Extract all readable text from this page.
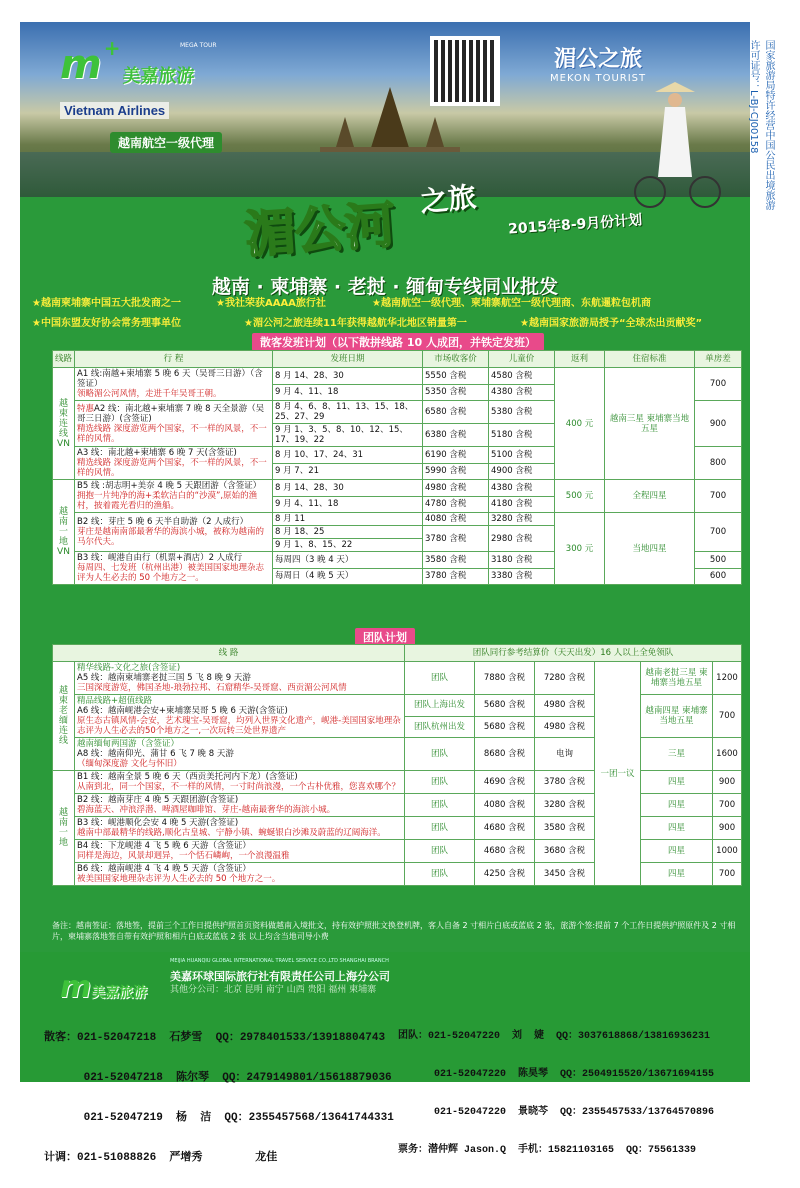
m +
美嘉旅游
MEGA TOUR
Vietnam Airlines
越南航空一级代理
湄公之旅
MEKON TOURIST
湄公河 之旅
2015年8-9月份计划
越南 · 柬埔寨 · 老挝 · 缅甸专线同业批发
★越南柬埔寨中国五大批发商之一	★我社荣获AAAA旅行社	★越南航空一级代理、柬埔寨航空一级代理商、东航暹粒包机商
★中国东盟友好协会常务理事单位	★湄公河之旅连续11年获得越航华北地区销量第一	★越南国家旅游局授予“全球杰出贡献奖”
散客发班计划（以下散拼线路 10 人成团，并铁定发班）
线路	行 程	发班日期	市场收客价	儿童价	返利	住宿标准	单房差
越柬连线VN	A1 线:南越+柬埔寨 5 晚 6 天（吴哥三日游）（含签证）
领略湄公河风情，走进千年吴哥王朝。	8 月 14、28、30	5550 含税	4580 含税	400 元	越南三星 柬埔寨当地五星	700
		9 月 4、11、18	5350 含税	4380 含税			
	特惠A2 线：南北越+柬埔寨 7 晚 8 天全景游（吴哥三日游）(含签证)
精选线路 深度游览两个国家，不一样的风景，不一样的风情。	8 月 4、6、8、11、13、15、18、25、27、29	6580 含税	5380 含税			900
		9 月 1、3、5、8、10、12、15、17、19、22	6380 含税	5180 含税			

	A3 线：南北越+柬埔寨 6 晚 7 天(含签证)
精选线路 深度游览两个国家，不一样的风景，不一样的风情。	8 月 10、17、24、31	6190 含税	5100 含税			800
		9 月 7、21	5990 含税	4900 含税			
越南一地VN	B5 线 :胡志明+美奈 4 晚 5 天跟团游（含签证）
拥抱一片纯净的海+柔软洁白的“沙漠”,原始的渔村，披着霞光看归的渔船。	8 月 14、28、30	4980 含税	4380 含税	500 元	全程四星	700
		9 月 4、11、18	4780 含税	4180 含税			

	B2 线：芽庄 5 晚 6 天半自助游（2 人成行）
芽庄是越南南部最奢华的海滨小城，被称为越南的马尔代夫。	8 月 11	4080 含税	3280 含税	300 元	当地四星	700
		8 月 18、25	3780 含税	2980 含税			
		9 月 1、8、15、22					

	B3 线：岘港自由行（机票+酒店）2 人成行
每周四、七发班（杭州出港）被美国国家地理杂志评为人生必去的 50 个地方之一。	每周四（3 晚 4 天）	3580 含税	3180 含税			500
		每周日（4 晚 5 天）	3780 含税	3380 含税			600
团队计划
线 路		团队同行参考结算价（天天出发）16 人以上全免领队					
越柬老缅连线	精华线路-文化之旅(含签证)
A5 线：越南柬埔寨老挝三国 5 飞 8 晚 9 天游
三国深度游览，佛国圣地-琅勃拉邦、石窟精华-吴哥窟、西贡湄公河风情	团队	7880 含税	7280 含税	一团一议	越南老挝三星 柬埔寨当地五星	1200

	精品线路+超值线路
A6 线：越南岘港会安+柬埔寨吴哥 5 晚 6 天游(含签证)
原生态古镇风情-会安，艺术瑰宝-吴哥窟，均列入世界文化遗产，岘港-美国国家地理杂志评为人生必去的50个地方之一,一次玩转三处世界遗产	团队上海出发	5680 含税	4980 含税		越南四星 柬埔寨当地五星	700
		团队杭州出发	5680 含税	4980 含税			

	越南缅甸两国游（含签证）
A8 线：越南仰光、蒲甘 6 飞 7 晚 8 天游
（缅甸深度游 文化与怀旧）	团队	8680 含税	电询		三星	1600
越南一地	B1 线：越南全景 5 晚 6 天（西贡美托河内下龙）(含签证)
从南到北，同一个国家，不一样的风情，一寸时尚浪漫，一个古朴优雅，您喜欢哪个？	团队	4690 含税	3780 含税		四星	900

	B2 线：越南芽庄 4 晚 5 天跟团游(含签证)
碧海蓝天、冲浪浮潜、啤酒屋咖啡馆、芽庄-越南最奢华的海滨小城。	团队	4080 含税	3280 含税		四星	700

	B3 线：岘港顺化会安 4 晚 5 天游(含签证)
越南中部最精华的线路,顺化古皇城、宁静小镇、蜿蜒银白沙滩及蔚蓝的辽阔海洋。	团队	4680 含税	3580 含税		四星	900

	B4 线：下龙岘港 4 飞 5 晚 6 天游（含签证）
同样是海边，风景却迥异，一个恬石嶙峋，一个浪漫温雅	团队	4680 含税	3680 含税		四星	1000

	B6 线：越南岘港 4 飞 4 晚 5 天游（含签证）
被美国国家地理杂志评为人生必去的 50 个地方之一。	团队	4250 含税	3450 含税		四星	700
备注：越南签证：落地签，提前三个工作日提供护照首页资料做越南入境批文，持有效护照批文换登机牌，客人自备 2 寸相片白底或蓝底 2 张，旅游个签:提前 7 个工作日提供护照原件及 2 寸相片，柬埔寨落地签自带有效护照和相片白底或蓝底 2 张 以上均含当地司导小费
m美嘉旅游
MEIJIA HUANQIU GLOBAL INTERNATIONAL TRAVEL SERVICE CO.,LTD SHANGHAI BRANCH
美嘉环球国际旅行社有限责任公司上海分公司
其他分公司：北京 昆明 南宁 山西 贵阳 福州 柬埔寨

散客：021-52047218  石梦雪  QQ：2978401533/13918804743

021-52047218  陈尔琴  QQ：2479149801/15618879036

021-52047219  杨  洁  QQ：2355457568/13641744331

计调：021-51088826  严增秀        龙佳

团队：021-52047220  刘  婕  QQ：3037618868/13816936231

021-52047220  陈昊琴  QQ：2504915520/13671694155

021-52047220  景晓芩  QQ：2355457533/13764570896

票务：潜仲辉 Jason.Q  手机：15821103165  QQ：75561339

国家旅游局特许经营中国公民出境旅游
许可证号：L-BJ-CJ00158
